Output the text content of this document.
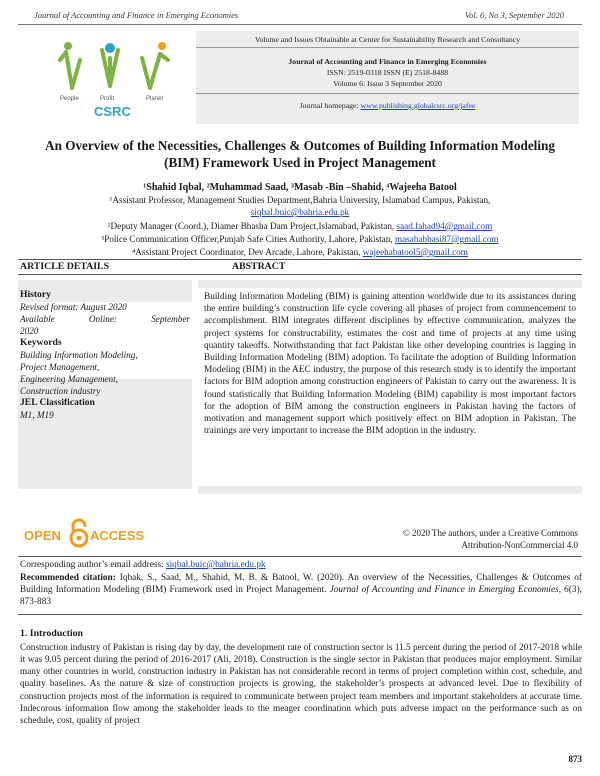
Journal of Accounting and Finance in Emerging Economies	Vol. 6, No 3, September 2020
People	Profit	Planet
CSRC
Volume and Issues Obtainable at Center for Sustainability Research and Consultancy
Journal of Accounting and Finance in Emerging Economies
ISSN: 2519-0318 ISSN (E) 2518-8488
Volume 6: Issue 3 September 2020
Journal homepage: www.publishing.globalcsrc.org/jafee
An Overview of the Necessities, Challenges & Outcomes of Building Information Modeling
(BIM) Framework Used in Project Management
¹Shahid Iqbal, ²Muhammad Saad, ³Masab -Bin –Shahid, ⁴Wajeeha Batool
¹Assistant Professor, Management Studies Department,Bahria University, Islamabad Campus, Pakistan,
siqbal.buic@bahria.edu.pk
²Deputy Manager (Coord.), Diamer Bhasha Dam Project,Islamabad, Pakistan, saad.fahad94@gmail.com
³Police Communication Officer,Punjab Safe Cities Authority, Lahore, Pakistan, masababbasi87@gmail.com
⁴Assistant Project Coordinator, Dev Arcade, Lahore, Pakistan, wajeehabatool5@gmail.com
ARTICLE DETAILS	ABSTRACT
History
Revised format: August 2020
Available Online: September
2020
Keywords
Building Information Modeling,
Project Management,
Engineering Management,
Construction industry
JEL Classification
M1, M19
Building Information Modeling (BIM) is gaining attention worldwide due to its assistances during the entire building’s construction life cycle covering all phases of project from commencement to accomplishment. BIM integrates different disciplines by effective communication, analyzes the project systems for constructability, estimates the cost and time of projects at any time using quantity takeoffs. Notwithstanding that fact Pakistan like other developing countries is lagging in Building Information Modeling (BIM) adoption. To facilitate the adoption of Building Information Modeling (BIM) in the AEC industry, the purpose of this research study is to identify the important factors for BIM adoption among construction engineers of Pakistan to carry out the awareness. It is found statistically that Building Information Modeling (BIM) capability is most important factors for the adoption of BIM among the construction engineers in Pakistan having the factors of motivation and management support which positively effect on BIM adoption in Pakistan. The trainings are very important to increase the BIM adoption in the industry.
OPEN ACCESS	© 2020 The authors, under a Creative Commons
Attribution-NonCommercial 4.0
Corresponding author’s email address: siqbal.buic@bahria.edu.pk
Recommended citation: Iqbak, S., Saad, M., Shahid, M. B. & Batool, W. (2020). An overview of the Necessities, Challenges & Outcomes of Building Information Modeling (BIM) Framework used in Project Management. Journal of Accounting and Finance in Emerging Economies, 6(3), 873-883
1. Introduction
Construction industry of Pakistan is rising day by day, the development rate of construction sector is 11.5 percent during the period of 2017-2018 while it was 9.05 percent during the period of 2016-2017 (Ali, 2018). Construction is the single sector in Pakistan that produces major employment. Similar many other countries in world, construction industry in Pakistan has not considerable record in terms of project completion within cost, schedule, and quality baselines. As the nature & size of construction projects is growing, the stakeholder’s prospects at advanced level. Due to flexibility of construction projects most of the information is required to communicate between project team members and important stakeholders at accurate time. Indecorous information flow among the stakeholder leads to the meager coordination which puts adverse impact on the performance such as on schedule, cost, quality of project
873
